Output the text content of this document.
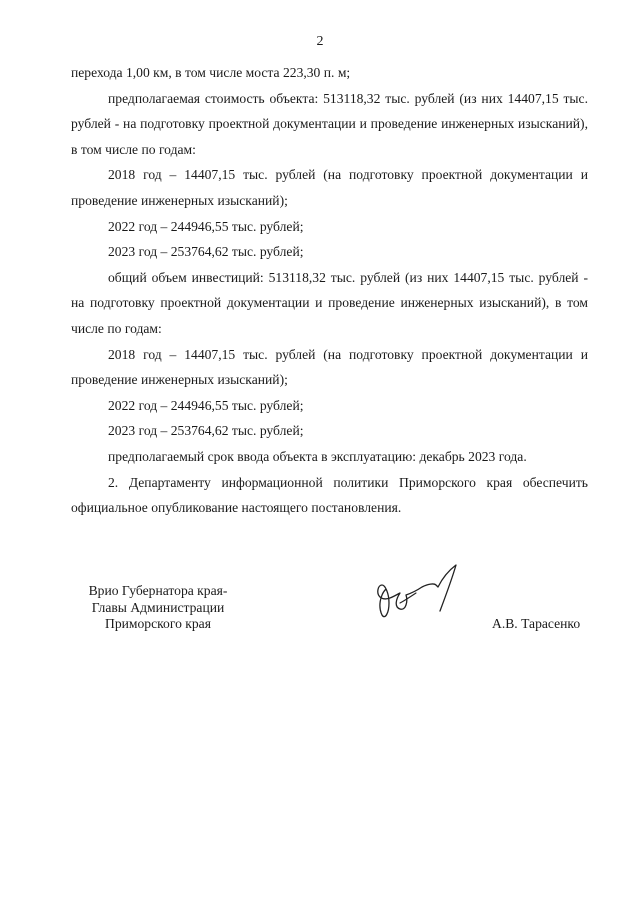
2

перехода 1,00 км, в том числе моста 223,30 п. м;

предполагаемая стоимость объекта: 513118,32 тыс. рублей (из них 14407,15 тыс. рублей - на подготовку проектной документации и проведение инженерных изысканий), в том числе по годам:

2018 год – 14407,15 тыс. рублей (на подготовку проектной документации и проведение инженерных изысканий);

2022 год – 244946,55 тыс. рублей;

2023 год – 253764,62 тыс. рублей;

общий объем инвестиций: 513118,32 тыс. рублей (из них 14407,15 тыс. рублей - на подготовку проектной документации и проведение инженерных изысканий), в том числе по годам:

2018 год – 14407,15 тыс. рублей (на подготовку проектной документации и проведение инженерных изысканий);

2022 год – 244946,55 тыс. рублей;

2023 год – 253764,62 тыс. рублей;

предполагаемый срок ввода объекта в эксплуатацию: декабрь 2023 года.

2. Департаменту информационной политики Приморского края обеспечить официальное опубликование настоящего постановления.

Врио Губернатора края-
Главы Администрации
Приморского края	А.В. Тарасенко
